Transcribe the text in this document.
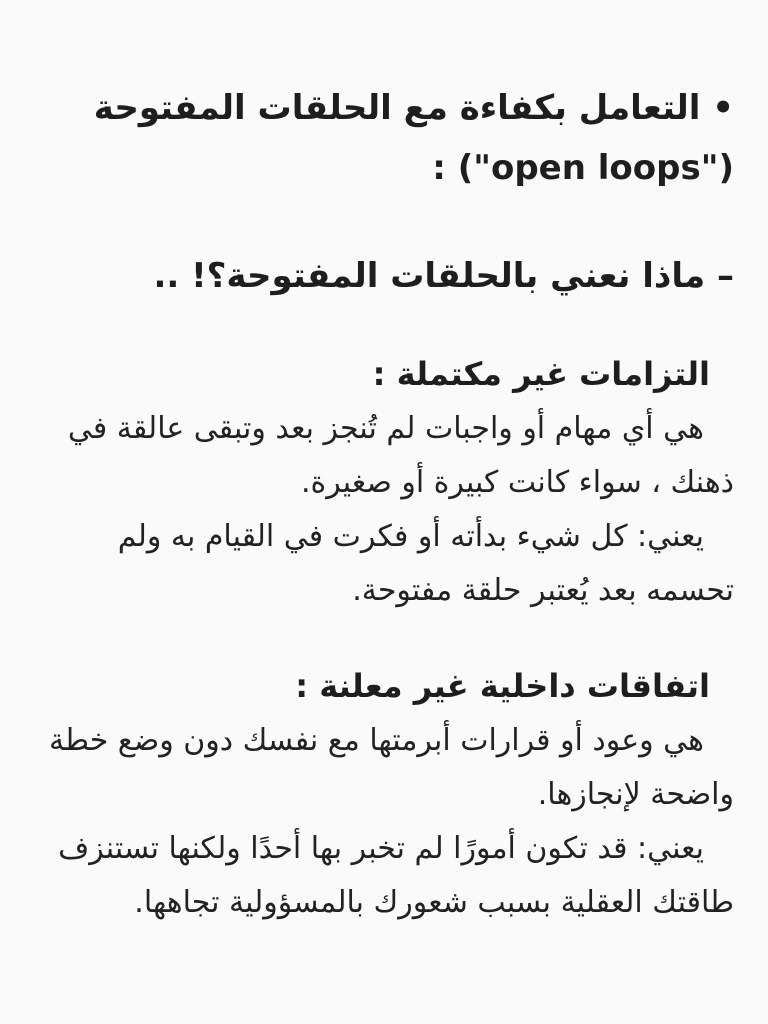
• التعامل بكفاءة مع الحلقات المفتوحة

("open loops") :

– ماذا نعني بالحلقات المفتوحة؟! ..

التزامات غير مكتملة :

هي أي مهام أو واجبات لم تُنجز بعد وتبقى عالقة في ذهنك ، سواء كانت كبيرة أو صغيرة.

يعني: كل شيء بدأته أو فكرت في القيام به ولم تحسمه بعد يُعتبر حلقة مفتوحة.

اتفاقات داخلية غير معلنة :

هي وعود أو قرارات أبرمتها مع نفسك دون وضع خطة واضحة لإنجازها.

يعني: قد تكون أمورًا لم تخبر بها أحدًا ولكنها تستنزف طاقتك العقلية بسبب شعورك بالمسؤولية تجاهها.
